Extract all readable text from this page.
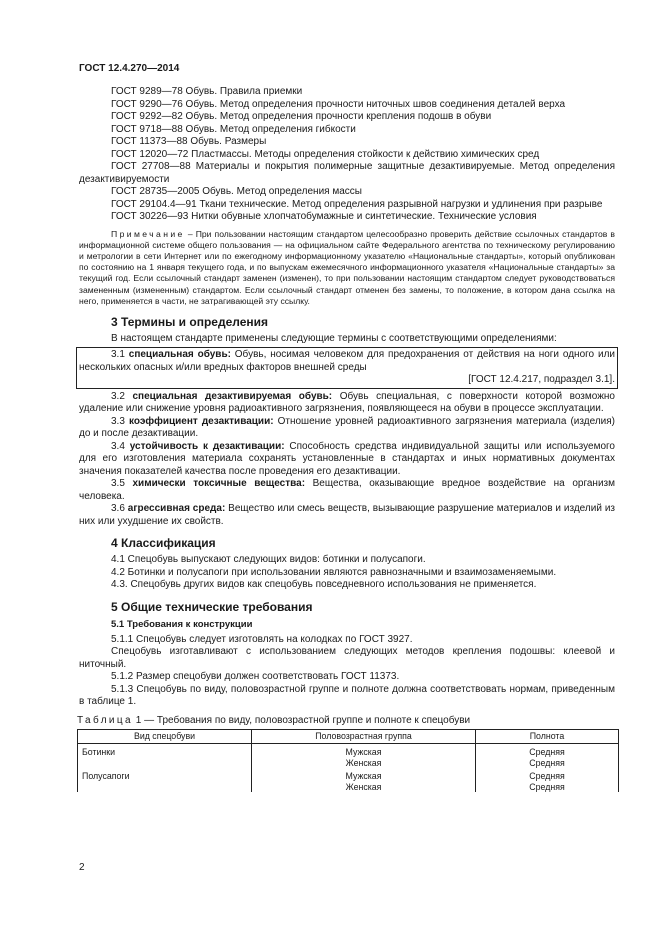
ГОСТ 12.4.270—2014

ГОСТ 9289—78 Обувь. Правила приемки

ГОСТ 9290—76 Обувь. Метод определения прочности ниточных швов соединения деталей верха

ГОСТ 9292—82 Обувь. Метод определения прочности крепления подошв в обуви

ГОСТ 9718—88 Обувь. Метод определения гибкости

ГОСТ 11373—88 Обувь. Размеры

ГОСТ 12020—72 Пластмассы. Методы определения стойкости к действию химических сред

ГОСТ 27708—88 Материалы и покрытия полимерные защитные дезактивируемые. Метод определения дезактивируемости

ГОСТ 28735—2005 Обувь. Метод определения массы

ГОСТ 29104.4—91 Ткани технические. Метод определения разрывной нагрузки и удлинения при разрыве

ГОСТ 30226—93 Нитки обувные хлопчатобумажные и синтетические. Технические условия

Примечание – При пользовании настоящим стандартом целесообразно проверить действие ссылочных стандартов в информационной системе общего пользования — на официальном сайте Федерального агентства по техническому регулированию и метрологии в сети Интернет или по ежегодному информационному указателю «Национальные стандарты», который опубликован по состоянию на 1 января текущего года, и по выпускам ежемесячного информационного указателя «Национальные стандарты» за текущий год. Если ссылочный стандарт заменен (изменен), то при пользовании настоящим стандартом следует руководствоваться замененным (измененным) стандартом. Если ссылочный стандарт отменен без замены, то положение, в котором дана ссылка на него, применяется в части, не затрагивающей эту ссылку.

3 Термины и определения

В настоящем стандарте применены следующие термины с соответствующими определениями:

3.1 специальная обувь: Обувь, носимая человеком для предохранения от действия на ноги одного или нескольких опасных и/или вредных факторов внешней среды

[ГОСТ 12.4.217, подраздел 3.1].

3.2 специальная дезактивируемая обувь: Обувь специальная, с поверхности которой возможно удаление или снижение уровня радиоактивного загрязнения, появляющееся на обуви в процессе эксплуатации.

3.3 коэффициент дезактивации: Отношение уровней радиоактивного загрязнения материала (изделия) до и после дезактивации.

3.4 устойчивость к дезактивации: Способность средства индивидуальной защиты или используемого для его изготовления материала сохранять установленные в стандартах и иных нормативных документах значения показателей качества после проведения его дезактивации.

3.5 химически токсичные вещества: Вещества, оказывающие вредное воздействие на организм человека.

3.6 агрессивная среда: Вещество или смесь веществ, вызывающие разрушение материалов и изделий из них или ухудшение их свойств.

4 Классификация

4.1 Спецобувь выпускают следующих видов: ботинки и полусапоги.

4.2 Ботинки и полусапоги при использовании являются равнозначными и взаимозаменяемыми.

4.3. Спецобувь других видов как спецобувь повседневного использования не применяется.

5 Общие технические требования
5.1 Требования к конструкции

5.1.1 Спецобувь следует изготовлять на колодках по ГОСТ 3927.

Спецобувь изготавливают с использованием следующих методов крепления подошвы: клеевой и ниточный.

5.1.2 Размер спецобуви должен соответствовать ГОСТ 11373.

5.1.3 Спецобувь по виду, половозрастной группе и полноте должна соответствовать нормам, приведенным в таблице 1.

Таблица 1 — Требования по виду, половозрастной группе и полноте к спецобуви
Вид спецобуви	Половозрастная группа	Полнота
Ботинки	Мужская	Средняя
	Женская	Средняя
Полусапоги	Мужская	Средняя
	Женская	Средняя
2
